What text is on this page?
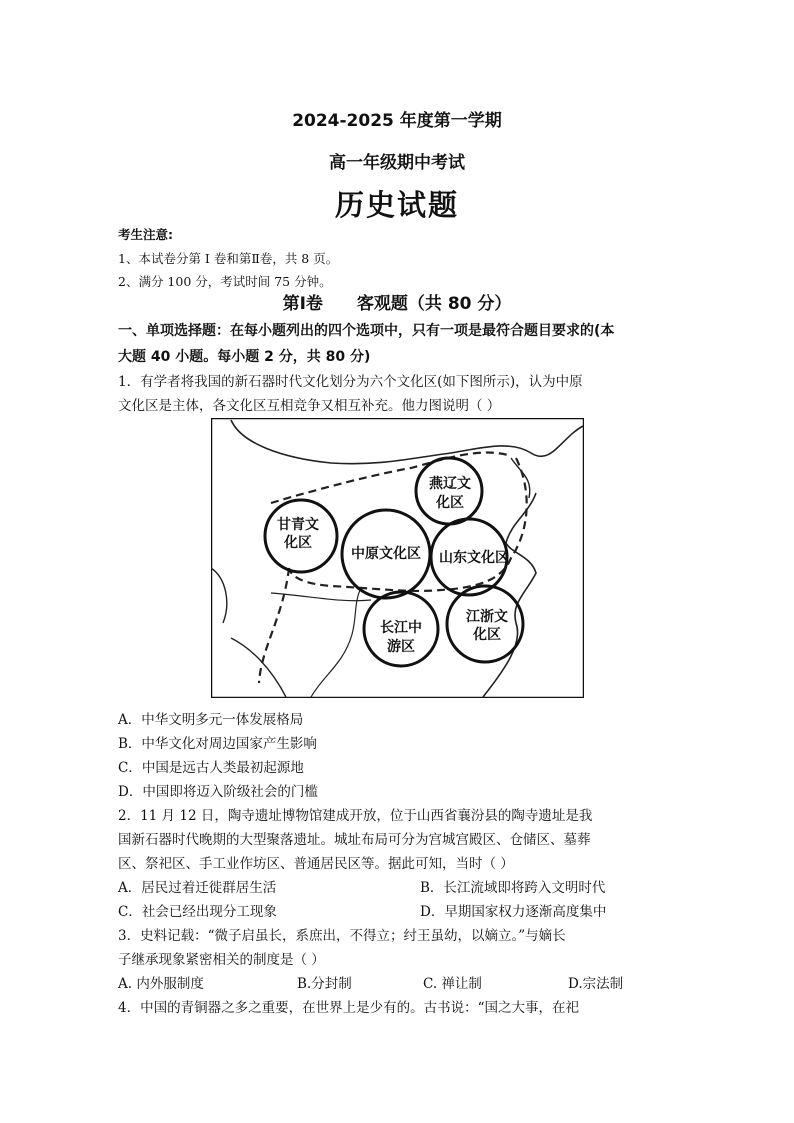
2024-2025 年度第一学期
高一年级期中考试
历史试题
考生注意:
1、本试卷分第 I 卷和第Ⅱ卷，共 8 页。
2、满分 100 分，考试时间 75 分钟。
第Ⅰ卷 客观题（共 80 分）
一、单项选择题：在每小题列出的四个选项中，只有一项是最符合题目要求的(本
大题 40 小题。每小题 2 分，共 80 分)
1．有学者将我国的新石器时代文化划分为六个文化区(如下图所示)，认为中原
文化区是主体，各文化区互相竞争又相互补充。他力图说明（ ）
燕辽文
化区
甘青文
化区
中原文化区 山东文化区
长江中
游区
江浙文
化区
A．中华文明多元一体发展格局
B．中华文化对周边国家产生影响
C．中国是远古人类最初起源地
D．中国即将迈入阶级社会的门槛
2．11 月 12 日，陶寺遗址博物馆建成开放，位于山西省襄汾县的陶寺遗址是我
国新石器时代晚期的大型聚落遗址。城址布局可分为宫城宫殿区、仓储区、墓葬
区、祭祀区、手工业作坊区、普通居民区等。据此可知，当时（ ）
A．居民过着迁徙群居生活	B．长江流域即将跨入文明时代
C．社会已经出现分工现象	D．早期国家权力逐渐高度集中
3．史料记载：“微子启虽长，系庶出，不得立；纣王虽幼，以嫡立。”与嫡长
子继承现象紧密相关的制度是（ ）
A. 内外服制度	B.分封制	C. 禅让制	D.宗法制
4．中国的青铜器之多之重要，在世界上是少有的。古书说：“国之大事，在祀
